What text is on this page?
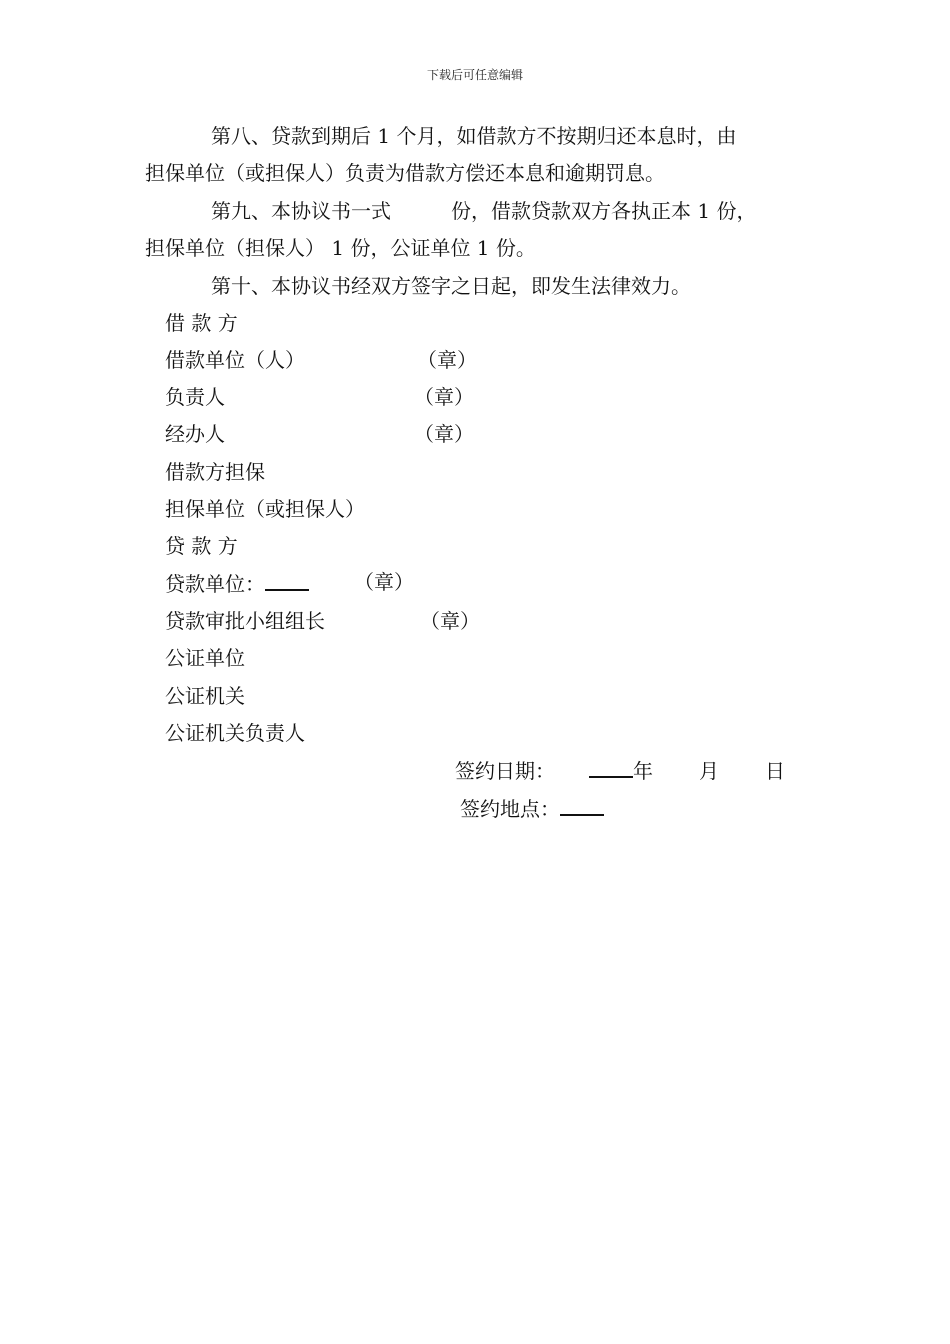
下载后可任意编辑

第八、贷款到期后 1 个月，如借款方不按期归还本息时，由
担保单位（或担保人）负责为借款方偿还本息和逾期罚息。

第九、本协议书一式	份，借款贷款双方各执正本 1 份，
担保单位（担保人） 1 份，公证单位 1 份。

第十、本协议书经双方签字之日起，即发生法律效力。

借 款 方
借款单位（人）	（章）
负责人	（章）
经办人	（章）
借款方担保
担保单位（或担保人）
贷 款 方
贷款单位：	（章）
贷款审批小组组长	（章）
公证单位
公证机关
公证机关负责人
签约日期：	年 月 日
签约地点：
